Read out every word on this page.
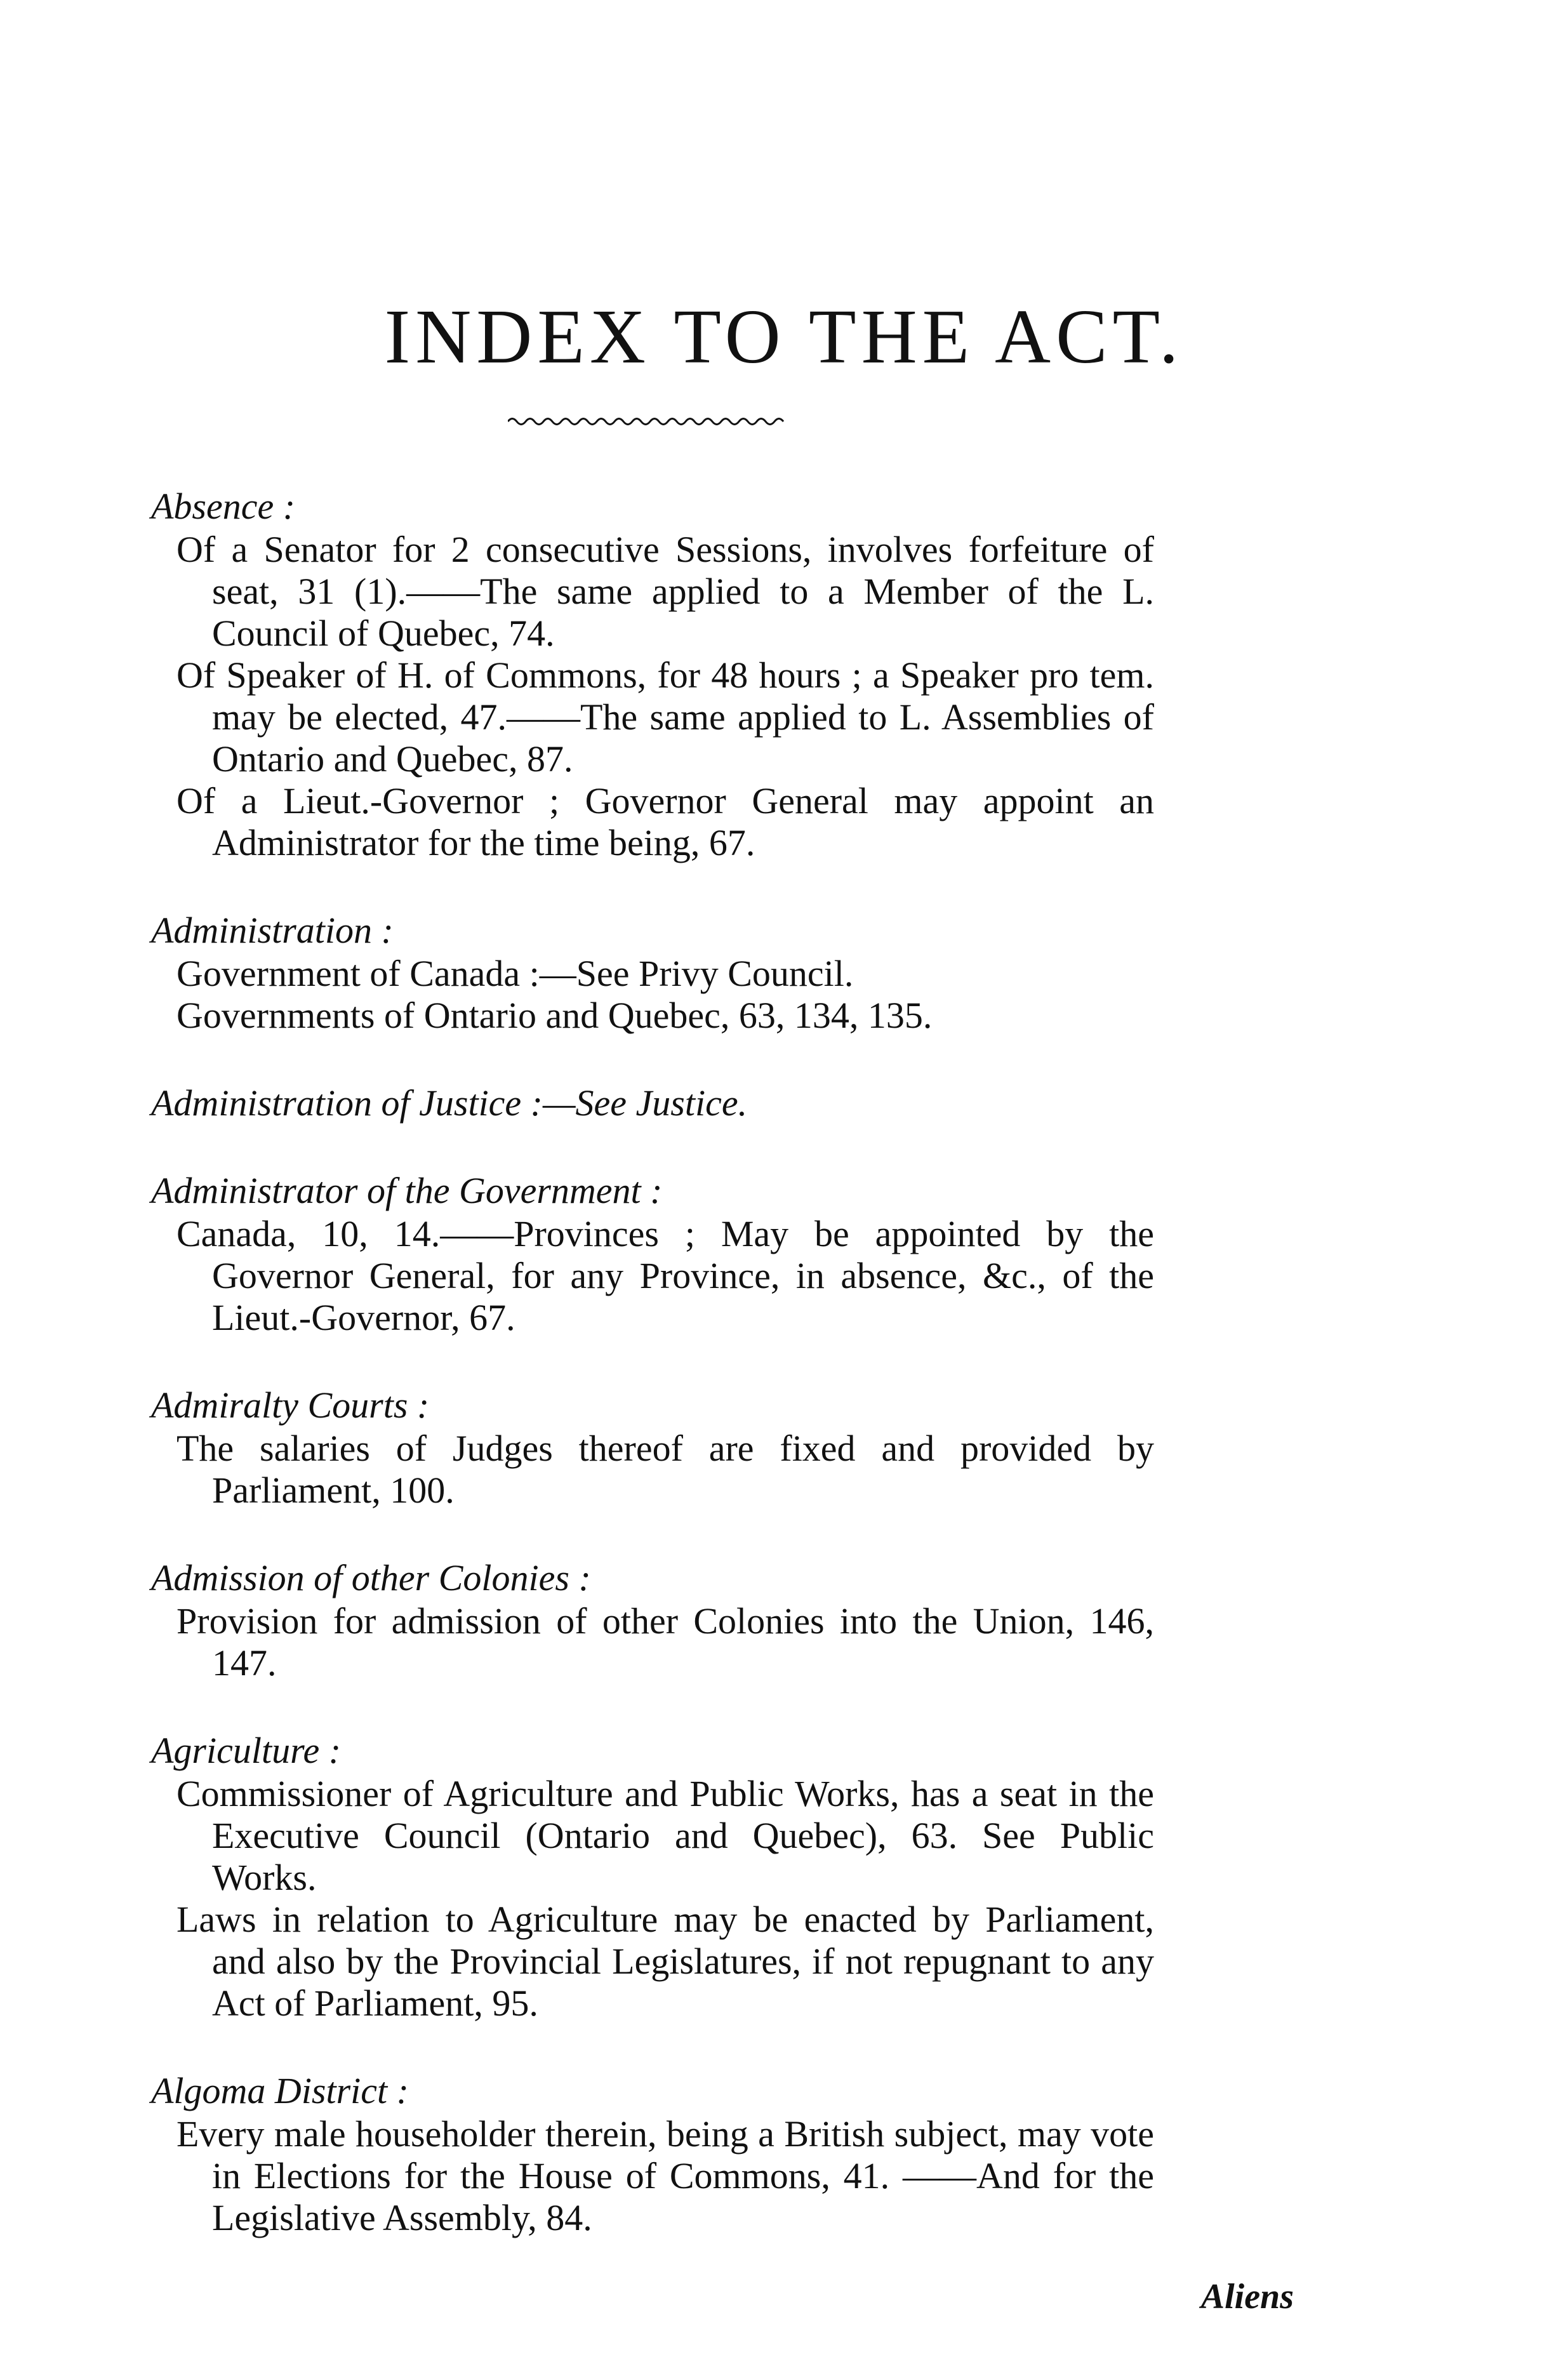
INDEX TO THE ACT.

Absence :

Of a Senator for 2 consecutive Sessions, involves forfeiture of seat, 31 (1).——The same applied to a Member of the L. Council of Quebec, 74.

Of Speaker of H. of Commons, for 48 hours ; a Speaker pro tem. may be elected, 47.——The same applied to L. Assemblies of Ontario and Quebec, 87.

Of a Lieut.-Governor ; Governor General may appoint an Administrator for the time being, 67.

Administration :

Government of Canada :—See Privy Council.

Governments of Ontario and Quebec, 63, 134, 135.

Administration of Justice :—See Justice.

Administrator of the Government :

Canada, 10, 14.——Provinces ; May be appointed by the Governor General, for any Province, in absence, &c., of the Lieut.-Governor, 67.

Admiralty Courts :

The salaries of Judges thereof are fixed and provided by Parliament, 100.

Admission of other Colonies :

Provision for admission of other Colonies into the Union, 146, 147.

Agriculture :

Commissioner of Agriculture and Public Works, has a seat in the Executive Council (Ontario and Quebec), 63. See Public Works.

Laws in relation to Agriculture may be enacted by Parliament, and also by the Provincial Legislatures, if not repugnant to any Act of Parliament, 95.

Algoma District :

Every male householder therein, being a British subject, may vote in Elections for the House of Commons, 41. ——And for the Legislative Assembly, 84.

Aliens
